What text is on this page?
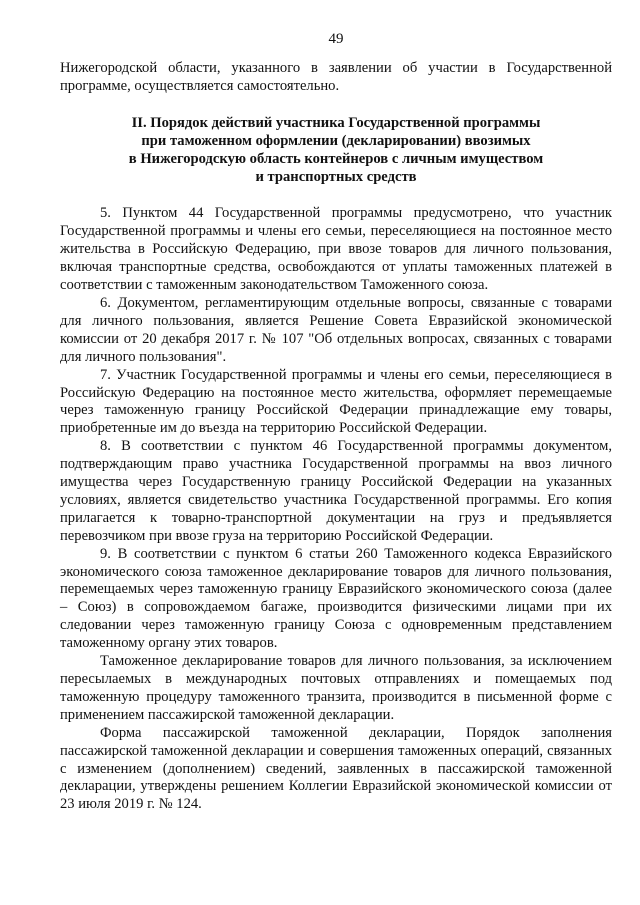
49

Нижегородской области, указанного в заявлении об участии в Государственной программе, осуществляется самостоятельно.

II. Порядок действий участника Государственной программы
при таможенном оформлении (декларировании) ввозимых
в Нижегородскую область контейнеров с личным имуществом
и транспортных средств

5. Пунктом 44 Государственной программы предусмотрено, что участник Государственной программы и члены его семьи, переселяющиеся на постоянное место жительства в Российскую Федерацию, при ввозе товаров для личного пользования, включая транспортные средства, освобождаются от уплаты таможенных платежей в соответствии с таможенным законодательством Таможенного союза.

6. Документом, регламентирующим отдельные вопросы, связанные с товарами для личного пользования, является Решение Совета Евразийской экономической комиссии от 20 декабря 2017 г. № 107 "Об отдельных вопросах, связанных с товарами для личного пользования".

7. Участник Государственной программы и члены его семьи, переселяющиеся в Российскую Федерацию на постоянное место жительства, оформляет перемещаемые через таможенную границу Российской Федерации принадлежащие ему товары, приобретенные им до въезда на территорию Российской Федерации.

8. В соответствии с пунктом 46 Государственной программы документом, подтверждающим право участника Государственной программы на ввоз личного имущества через Государственную границу Российской Федерации на указанных условиях, является свидетельство участника Государственной программы. Его копия прилагается к товарно-транспортной документации на груз и предъявляется перевозчиком при ввозе груза на территорию Российской Федерации.

9. В соответствии с пунктом 6 статьи 260 Таможенного кодекса Евразийского экономического союза таможенное декларирование товаров для личного пользования, перемещаемых через таможенную границу Евразийского экономического союза (далее – Союз) в сопровождаемом багаже, производится физическими лицами при их следовании через таможенную границу Союза с одновременным представлением таможенному органу этих товаров.

Таможенное декларирование товаров для личного пользования, за исключением пересылаемых в международных почтовых отправлениях и помещаемых под таможенную процедуру таможенного транзита, производится в письменной форме с применением пассажирской таможенной декларации.

Форма пассажирской таможенной декларации, Порядок заполнения пассажирской таможенной декларации и совершения таможенных операций, связанных с изменением (дополнением) сведений, заявленных в пассажирской таможенной декларации, утверждены решением Коллегии Евразийской экономической комиссии от 23 июля 2019 г. № 124.
